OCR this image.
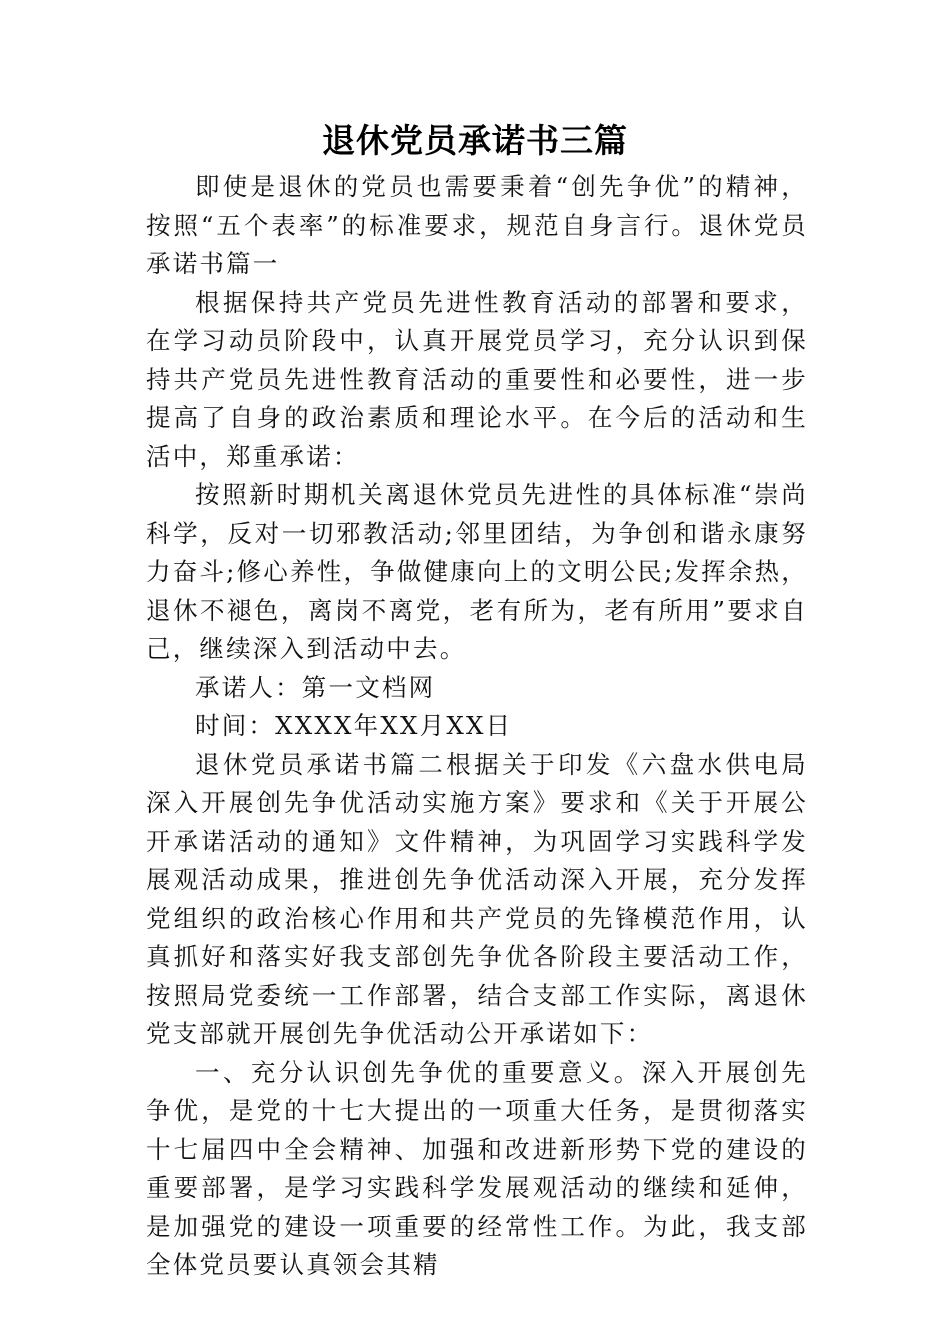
退休党员承诺书三篇

即使是退休的党员也需要秉着“创先争优”的精神，按照“五个表率”的标准要求，规范自身言行。退休党员承诺书篇一

根据保持共产党员先进性教育活动的部署和要求，在学习动员阶段中，认真开展党员学习，充分认识到保持共产党员先进性教育活动的重要性和必要性，进一步提高了自身的政治素质和理论水平。在今后的活动和生活中，郑重承诺：

按照新时期机关离退休党员先进性的具体标准“崇尚科学，反对一切邪教活动;邻里团结，为争创和谐永康努力奋斗;修心养性，争做健康向上的文明公民;发挥余热，退休不褪色，离岗不离党，老有所为，老有所用”要求自己，继续深入到活动中去。

承诺人：第一文档网

时间：XXXX年XX月XX日

退休党员承诺书篇二根据关于印发《六盘水供电局深入开展创先争优活动实施方案》要求和《关于开展公开承诺活动的通知》文件精神，为巩固学习实践科学发展观活动成果，推进创先争优活动深入开展，充分发挥党组织的政治核心作用和共产党员的先锋模范作用，认真抓好和落实好我支部创先争优各阶段主要活动工作，按照局党委统一工作部署，结合支部工作实际，离退休党支部就开展创先争优活动公开承诺如下：

一、充分认识创先争优的重要意义。深入开展创先争优，是党的十七大提出的一项重大任务，是贯彻落实十七届四中全会精神、加强和改进新形势下党的建设的重要部署，是学习实践科学发展观活动的继续和延伸，是加强党的建设一项重要的经常性工作。为此，我支部全体党员要认真领会其精
